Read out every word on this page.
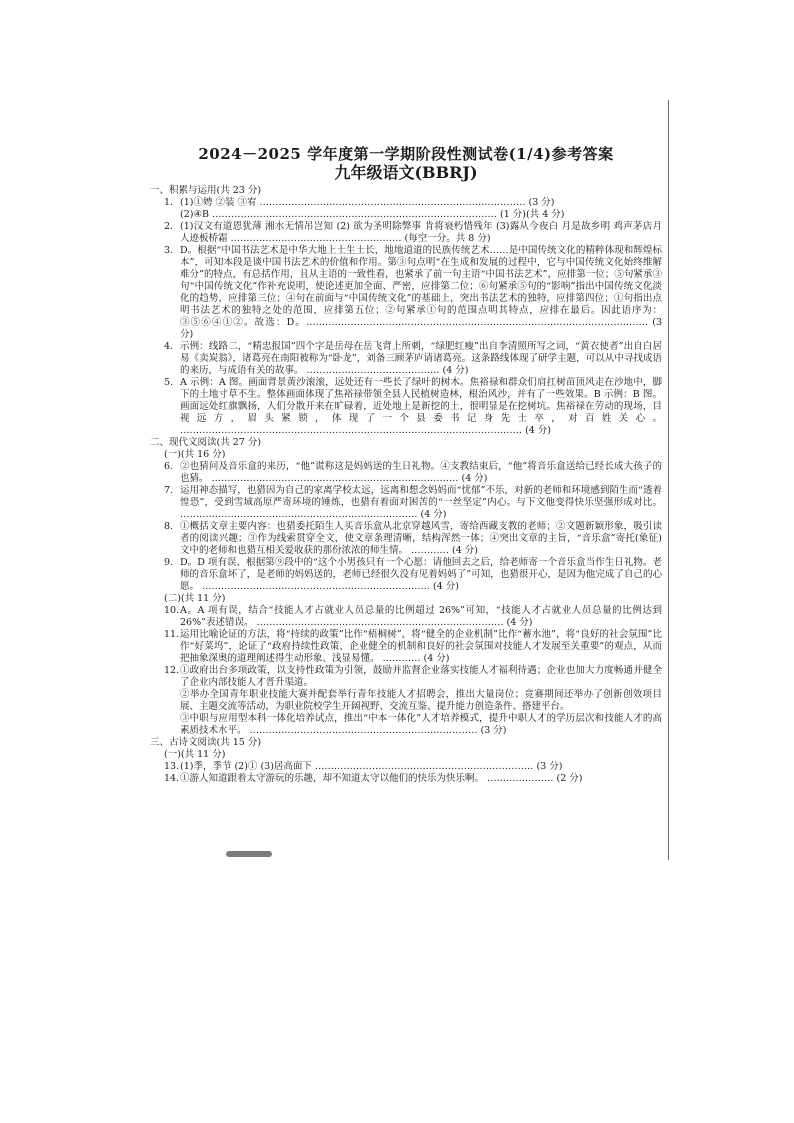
2024－2025 学年度第一学期阶段性测试卷(1/4)参考答案
九年级语文(BBRJ)
一、积累与运用(共 23 分)
1. (1)①娉 ②装 ③宥 ………………………………………………………………………… (3 分)
(2)④B ……………………………………………………………………………… (1 分)(共 4 分)
2. (1)汉文有道恩犹薄 湘水无情吊岂知 (2) 欲为圣明除弊事 肯将衰朽惜残年 (3)露从今夜白 月是故乡明 鸡声茅店月 人迹板桥霜 ……………………………………………… (每空一分。共 8 分)
3. D。根据“中国书法艺术是中华大地上土生土长，地地道道的民族传统艺术……是中国传统文化的精粹体现和辉煌标本”，可知本段是谈中国书法艺术的价值和作用。第③句点明“在生成和发展的过程中，它与中国传统文化始终维解难分”的特点，有总括作用，且从主语的一致性看，也紧承了前一句主语“中国书法艺术”，应排第一位；⑤句紧承③句“中国传统文化”作补充说明，使论述更加全面、严密，应排第二位；⑥句紧承⑤句的“影响”指出中国传统文化淡化的趋势，应排第三位；④句在前面与“中国传统文化”的基础上，突出书法艺术的独特，应排第四位；①句指出点明书法艺术的独特之处的范围，应排第五位；②句紧承①句的范围点明其特点，应排在最后。因此语序为：③⑤⑥④①②。故选：D。……………………………………………………………………………………………… (3 分)
4. 示例：线路二，“精忠报国”四个字是岳母在岳飞背上所刺，“绿肥红瘦”出自李清照所写之词，“黄衣使者”出自白居易《卖炭翁》，诸葛亮在南阳被称为“卧龙”，刘备三顾茅庐请诸葛亮。这条路线体现了研学主题，可以从中寻找成语的来历，与成语有关的故事。 …………………………………… (4 分)
5. A 示例：A 图。画面背景黄沙滚滚，远处还有一些长了绿叶的树木。焦裕禄和群众们肩扛树苗顶风走在沙地中，脚下的土地寸草不生。整体画面体现了焦裕禄带领全县人民植树造林，根治风沙，并有了一些效果。B 示例：B 图。画面远处红旗飘扬，人们分散开来在旷碌着，近处地上是新挖的土，很明显是在挖树坑。焦裕禄在劳动的现场，目视远方，眉头紧锁，体现了一个县委书记身先士卒，对百姓关心。 ……………………………………………………………………………………………… (4 分)
二、现代文阅读(共 27 分)
(一)(共 16 分)
6. ②也猜问及音乐盒的来历，“他”谎称这是妈妈送的生日礼物。④支教结束后，“他”将音乐盒送给已经长成大孩子的也猜。 …………………………………………………………………… (4 分)
7. 运用神态描写，也猎因为自己的家离学校太远，远离和想念妈妈而“忧郁”不乐，对新的老师和环境感到陌生而“透着惶恐”，受到雪域高原严寄环境的锤炼，也猎有着面对困苦的“一丝坚定”内心。与下文他变得快乐坚强形成对比。 ………………………………………………………………… (4 分)
8. ①概括文章主要内容：也猎委托陌生人买音乐盒从北京穿越风雪，寄给西藏支教的老师；②文题新颖形象，吸引读者的阅读兴趣；③作为线索贯穿全文，使文章条理清晰，结构浑然一体；④突出文章的主旨，“音乐盒”寄托(象征)文中的老师和也猎互相关爱收获的那份浓浓的师生情。 ………… (4 分)
9. D。D 项有误，根据第⑨段中的“这个小男孩只有一个心愿：请他回去之后，给老师寄一个音乐盒当作生日礼物。老师的音乐盒坏了，是老师的妈妈送的，老师已经很久没有见着妈妈了”可知，也猎很开心，是因为他完成了自己的心愿。 ……………………………………………………………… (4 分)
(二)(共 11 分)
10. A。A 项有误，结合“技能人才占就业人员总量的比例超过 26%”可知，“技能人才占就业人员总量的比例达到 26%”表述错误。 …………………………………………………………………… (4 分)
11. 运用比喻论证的方法，将“持续的政策”比作“梧桐树”，将“健全的企业机制”比作“蓄水池”，将“良好的社会氛围”比作“好菜坞”，论证了“政府持续性政策、企业健全的机制和良好的社会氛围对技能人才发展至关重要”的观点，从而把抽象深奥的道理阐述得生动形象、浅显易懂。 ………… (4 分)
12. ①政府出台多项政策，以支持性政策为引领，鼓励并监督企业落实技能人才福利待遇；企业也加大力度畅通并健全了企业内部技能人才晋升渠道。
②举办全国青年职业技能大赛并配套举行青年技能人才招聘会，推出大量岗位；竞赛期间还举办了创新创效项目展、主题交流等活动，为职业院校学生开阔视野、交流互鉴、提升能力创造条件、搭建平台。
③中职与应用型本科一体化培养试点，推出“中本一体化”人才培养模式，提升中职人才的学历层次和技能人才的高素质技术水平。 ……………………………………………………………… (3 分)
三、古诗文阅读(共 15 分)
(一)(共 11 分)
13. (1)季，季节 (2)① (3)居高面下 …………………………………………………………… (3 分)
14. ①游人知道跟着太守游玩的乐趣，却不知道太守以他们的快乐为快乐啊。 ………………… (2 分)
